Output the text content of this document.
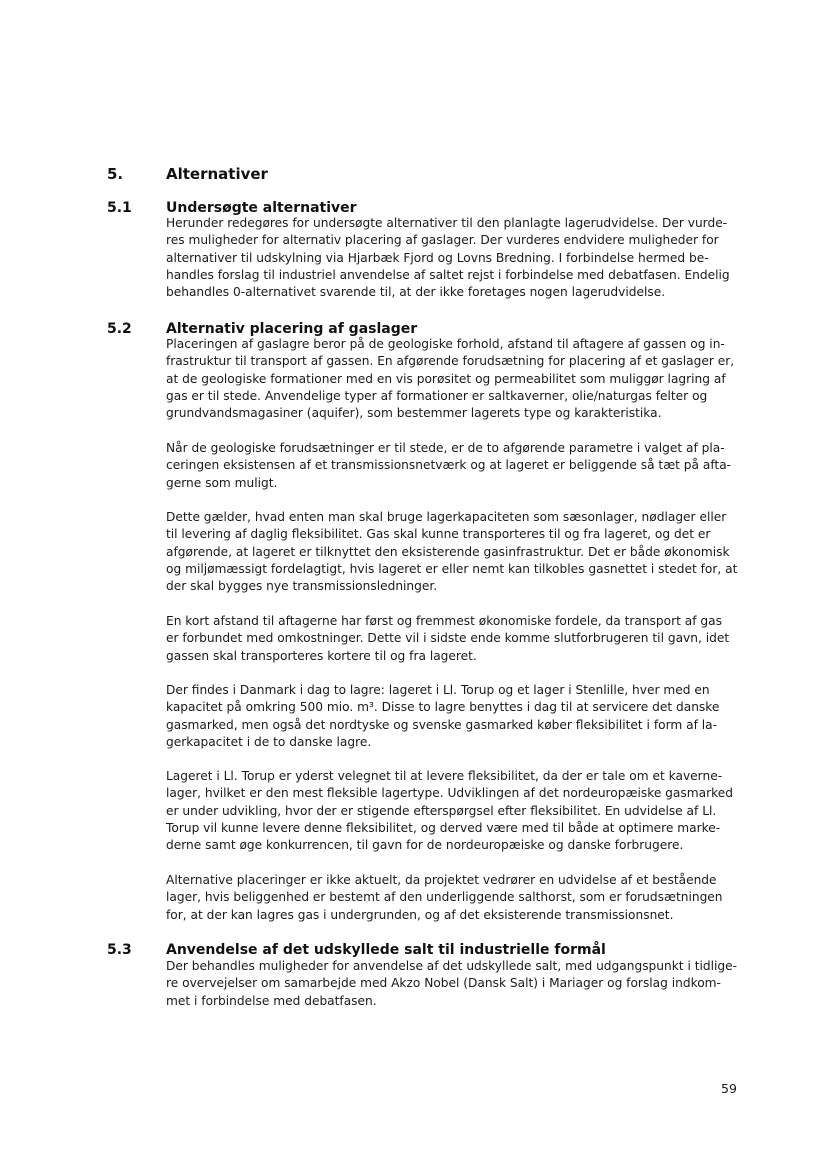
5.	Alternativer
5.1 Undersøgte alternativer

Herunder redegøres for undersøgte alternativer til den planlagte lagerudvidelse. Der vurde-
res muligheder for alternativ placering af gaslager. Der vurderes endvidere muligheder for
alternativer til udskylning via Hjarbæk Fjord og Lovns Bredning. I forbindelse hermed be-
handles forslag til industriel anvendelse af saltet rejst i forbindelse med debatfasen. Endelig
behandles 0-alternativet svarende til, at der ikke foretages nogen lagerudvidelse.

5.2 Alternativ placering af gaslager

Placeringen af gaslagre beror på de geologiske forhold, afstand til aftagere af gassen og in-
frastruktur til transport af gassen. En afgørende forudsætning for placering af et gaslager er,
at de geologiske formationer med en vis porøsitet og permeabilitet som muliggør lagring af
gas er til stede. Anvendelige typer af formationer er saltkaverner, olie/naturgas felter og
grundvandsmagasiner (aquifer), som bestemmer lagerets type og karakteristika.

Når de geologiske forudsætninger er til stede, er de to afgørende parametre i valget af pla-
ceringen eksistensen af et transmissionsnetværk og at lageret er beliggende så tæt på afta-
gerne som muligt.

Dette gælder, hvad enten man skal bruge lagerkapaciteten som sæsonlager, nødlager eller
til levering af daglig fleksibilitet. Gas skal kunne transporteres til og fra lageret, og det er
afgørende, at lageret er tilknyttet den eksisterende gasinfrastruktur. Det er både økonomisk
og miljømæssigt fordelagtigt, hvis lageret er eller nemt kan tilkobles gasnettet i stedet for, at
der skal bygges nye transmissionsledninger.

En kort afstand til aftagerne har først og fremmest økonomiske fordele, da transport af gas
er forbundet med omkostninger. Dette vil i sidste ende komme slutforbrugeren til gavn, idet
gassen skal transporteres kortere til og fra lageret.

Der findes i Danmark i dag to lagre: lageret i Ll. Torup og et lager i Stenlille, hver med en
kapacitet på omkring 500 mio. m³. Disse to lagre benyttes i dag til at servicere det danske
gasmarked, men også det nordtyske og svenske gasmarked køber fleksibilitet i form af la-
gerkapacitet i de to danske lagre.

Lageret i Ll. Torup er yderst velegnet til at levere fleksibilitet, da der er tale om et kaverne-
lager, hvilket er den mest fleksible lagertype. Udviklingen af det nordeuropæiske gasmarked
er under udvikling, hvor der er stigende efterspørgsel efter fleksibilitet. En udvidelse af Ll.
Torup vil kunne levere denne fleksibilitet, og derved være med til både at optimere marke-
derne samt øge konkurrencen, til gavn for de nordeuropæiske og danske forbrugere.

Alternative placeringer er ikke aktuelt, da projektet vedrører en udvidelse af et bestående
lager, hvis beliggenhed er bestemt af den underliggende salthorst, som er forudsætningen
for, at der kan lagres gas i undergrunden, og af det eksisterende transmissionsnet.

5.3 Anvendelse af det udskyllede salt til industrielle formål

Der behandles muligheder for anvendelse af det udskyllede salt, med udgangspunkt i tidlige-
re overvejelser om samarbejde med Akzo Nobel (Dansk Salt) i Mariager og forslag indkom-
met i forbindelse med debatfasen.

59
